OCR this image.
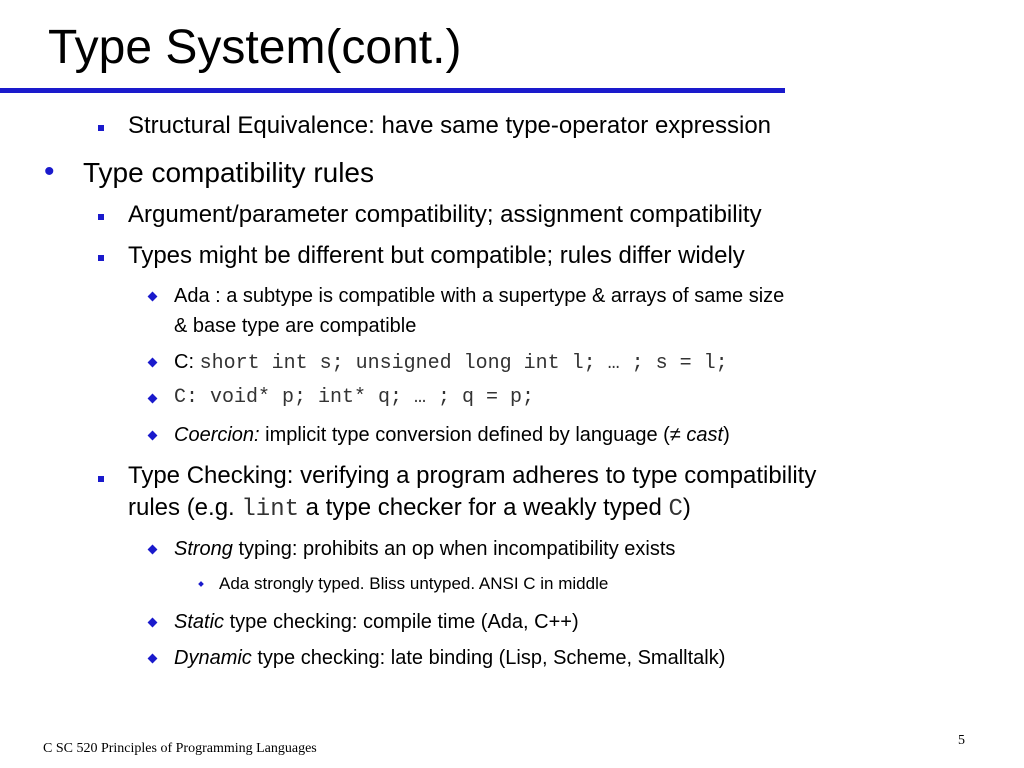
Type System(cont.)
Structural Equivalence: have same type-operator expression
• Type compatibility rules
Argument/parameter compatibility; assignment compatibility
Types might be different but compatible; rules differ widely
Ada : a subtype is compatible with a supertype & arrays of same size
& base type are compatible
C: short int s; unsigned long int l; … ; s = l;
C: void* p; int* q; … ; q = p;
Coercion: implicit type conversion defined by language (≠ cast)
Type Checking: verifying a program adheres to type compatibility
rules (e.g. lint a type checker for a weakly typed C)
Strong typing: prohibits an op when incompatibility exists
Ada strongly typed. Bliss untyped. ANSI C in middle
Static type checking: compile time (Ada, C++)
Dynamic type checking: late binding (Lisp, Scheme, Smalltalk)
C SC 520 Principles of Programming Languages
5
